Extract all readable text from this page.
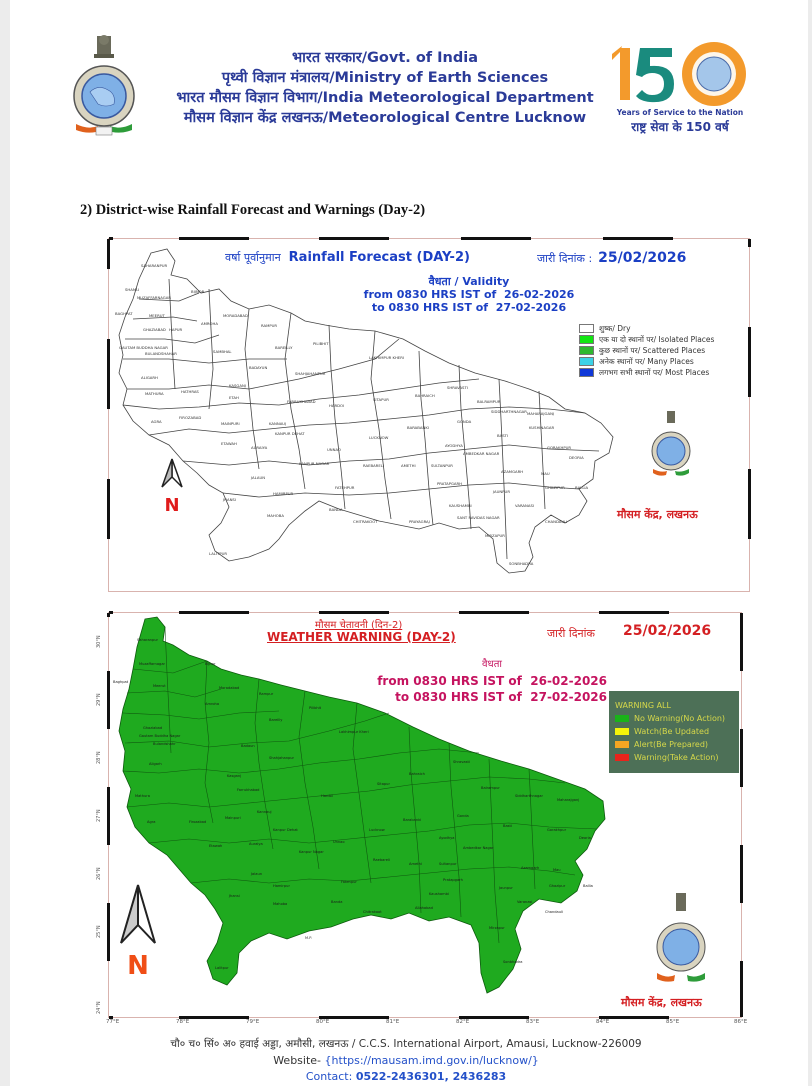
भारत सरकार/Govt. of India
पृथ्वी विज्ञान मंत्रालय/Ministry of Earth Sciences
भारत मौसम विज्ञान विभाग/India Meteorological Department
मौसम विज्ञान केंद्र लखनऊ/Meteorological Centre Lucknow	Years of Service to the Nation
राष्ट्र सेवा के 150 वर्ष
2) District-wise Rainfall Forecast and Warnings (Day-2)
SAHARANPUR
SHAMLI
MUZAFFARNAGAR
BIJNOR
BAGHPAT	MEERUT	MORADABAD
RAMPUR
GHAZIABAD HAPUR
AMROHA
GAUTAM BUDDHA NAGAR
BULANDSHAHAR	SAMBHAL
BAREILLY
PILIBHIT
LAKHIMPUR KHERI
BADAYUN
SHAHJAHANPUR
ALIGARH
HATHRAS
KASGANJ
MATHURA
ETAH
FARRUKHABAD
HARDOI
SITAPUR
BAHRAICH
SHRAVASTI
BALRAMPUR
AGRA
FIROZABAD
MAINPURI	KANNAUJ
LUCKNOW
BARABANKI
GONDA
SIDDHARTHNAGAR MAHARAJGANJ
KUSHINAGAR
BASTI
GORAKHPUR
DEORIA
ETAWAH
AURAIYA
KANPUR DEHAT
KANPUR NAGAR
UNNAO
RAEBARELI
AYODHYA
AMBEDKAR NAGAR
AMETHI	SULTANPUR
AZAMGARH	MAU
BALLIA
GHAZIPUR
JALAUN
HAMIRPUR
FATEHPUR
PRATAPGARH
JAUNPUR
VARANASI
CHANDAULI
JHANSI
MAHOBA
BANDA
CHITRAKOOT	PRAYAGRAJ
SANT RAVIDAS NAGAR
KAUSHAMBI
MIRZAPUR
SONBHADRA
LALITPUR
वर्षा पूर्वानुमान Rainfall Forecast (DAY-2)	जारी दिनांक : 25/02/2026
वैधता / Validity
from 0830 HRS IST of  26-02-2026
to 0830 HRS IST of  27-02-2026
शुष्क/ Dry
एक या दो स्थानों पर/ Isolated Places
कुछ स्थानों पर/ Scattered Places
अनेक स्थानों पर/ Many Places
लगभग सभी स्थानों पर/ Most Places
N	मौसम केंद्र, लखनऊ
Saharanpur
Muzaffarnagar	Bijnor
Baghpat
Meerut	Moradabad
Rampur
Pilibhit
Lakhimpur Kheri
Bareilly
Amroha
Badaun
Shahjahanpur
Ghaziabad
Gautam Buddha Nagar
Bulandshahr
Aligarh
Mathura
Kasganj
Farrukhabad
Hardoi
Sitapur
Bahraich
Shravasti
Balrampur
Siddharthnagar
Maharajganj
Agra	Firozabad
Mainpuri
Kannauj
Lucknow
Barabanki
Gonda
Basti
Gorakhpur
Deoria
Etawah	Auraiya
Kanpur Dehat
Kanpur Nagar
Unnao
Raebareli
Ayodhya
Ambedkar Nagar
Amethi	Sultanpur
Azamgarh	Mau
Ballia
Ghazipur
Jalaun
Hamirpur
Fatehpur	Pratapgarh
Jaunpur
Varanasi
Chandauli
Jhansi
Mahoba	Banda
Chitrakoot
Allahabad
Kaushambi
Mirzapur
Sonbhadra
Lalitpur
M.P.
मौसम चेतावनी (दिन-2)
WEATHER WARNING (DAY-2)	जारी दिनांक 25/02/2026
वैधता
from 0830 HRS IST of  26-02-2026
to 0830 HRS IST of  27-02-2026
WARNING ALL
No Warning(No Action)
Watch(Be Updated
Alert(Be Prepared)
Warning(Take Action)
N
मौसम केंद्र, लखनऊ
30°N
29°N
28°N
27°N
26°N
25°N
24°N
77°E	78°E	79°E	80°E	81°E	82°E	83°E	84°E	85°E	86°E
चौ० च० सिं० अ० हवाई अड्डा, अमौसी, लखनऊ / C.C.S. International Airport, Amausi, Lucknow-226009
Website- {https://mausam.imd.gov.in/lucknow/}
Contact: 0522-2436301, 2436283
